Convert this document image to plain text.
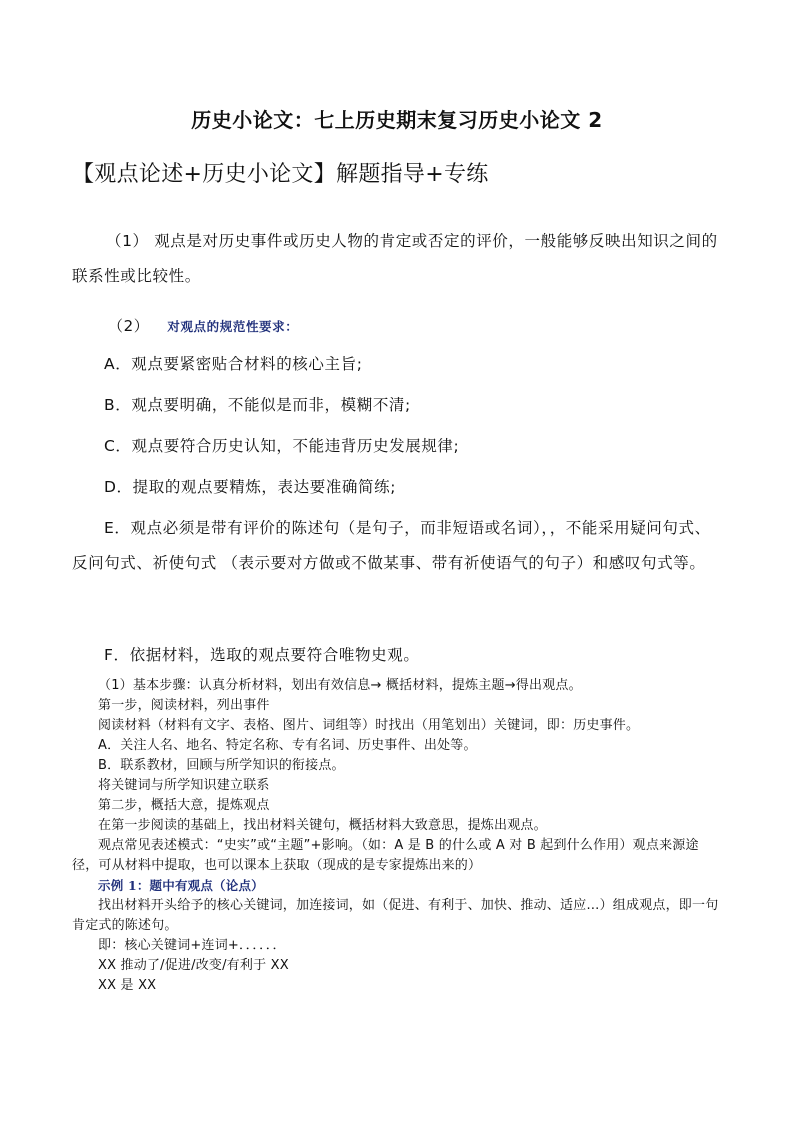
历史小论文：七上历史期末复习历史小论文 2
【观点论述+历史小论文】解题指导+专练
（1） 观点是对历史事件或历史人物的肯定或否定的评价，一般能够反映出知识之间的联系性或比较性。
（2） 对观点的规范性要求：
A．观点要紧密贴合材料的核心主旨;
B．观点要明确，不能似是而非，模糊不清;
C．观点要符合历史认知，不能违背历史发展规律;
D．提取的观点要精炼，表达要准确简练;
E．观点必须是带有评价的陈述句（是句子，而非短语或名词），，不能采用疑问句式、反问句式、祈使句式 （表示要对方做或不做某事、带有祈使语气的句子）和感叹句式等。
F．依据材料，选取的观点要符合唯物史观。
（1）基本步骤：认真分析材料，划出有效信息→ 概括材料，提炼主题→得出观点。
第一步，阅读材料，列出事件
阅读材料（材料有文字、表格、图片、词组等）时找出（用笔划出）关键词，即：历史事件。
A．关注人名、地名、特定名称、专有名词、历史事件、出处等。
B．联系教材，回顾与所学知识的衔接点。
将关键词与所学知识建立联系
第二步，概括大意，提炼观点
在第一步阅读的基础上，找出材料关键句，概括材料大致意思，提炼出观点。
观点常见表述模式：“史实”或“主题”+影响。（如：A 是 B 的什么或 A 对 B 起到什么作用）观点来源途径，可从材料中提取，也可以课本上获取（现成的是专家提炼出来的）
示例 1：题中有观点（论点）
找出材料开头给予的核心关键词，加连接词，如（促进、有利于、加快、推动、适应…）组成观点，即一句肯定式的陈述句。
即：核心关键词+连词+．．．．．．
XX 推动了/促进/改变/有利于 XX
XX 是 XX
